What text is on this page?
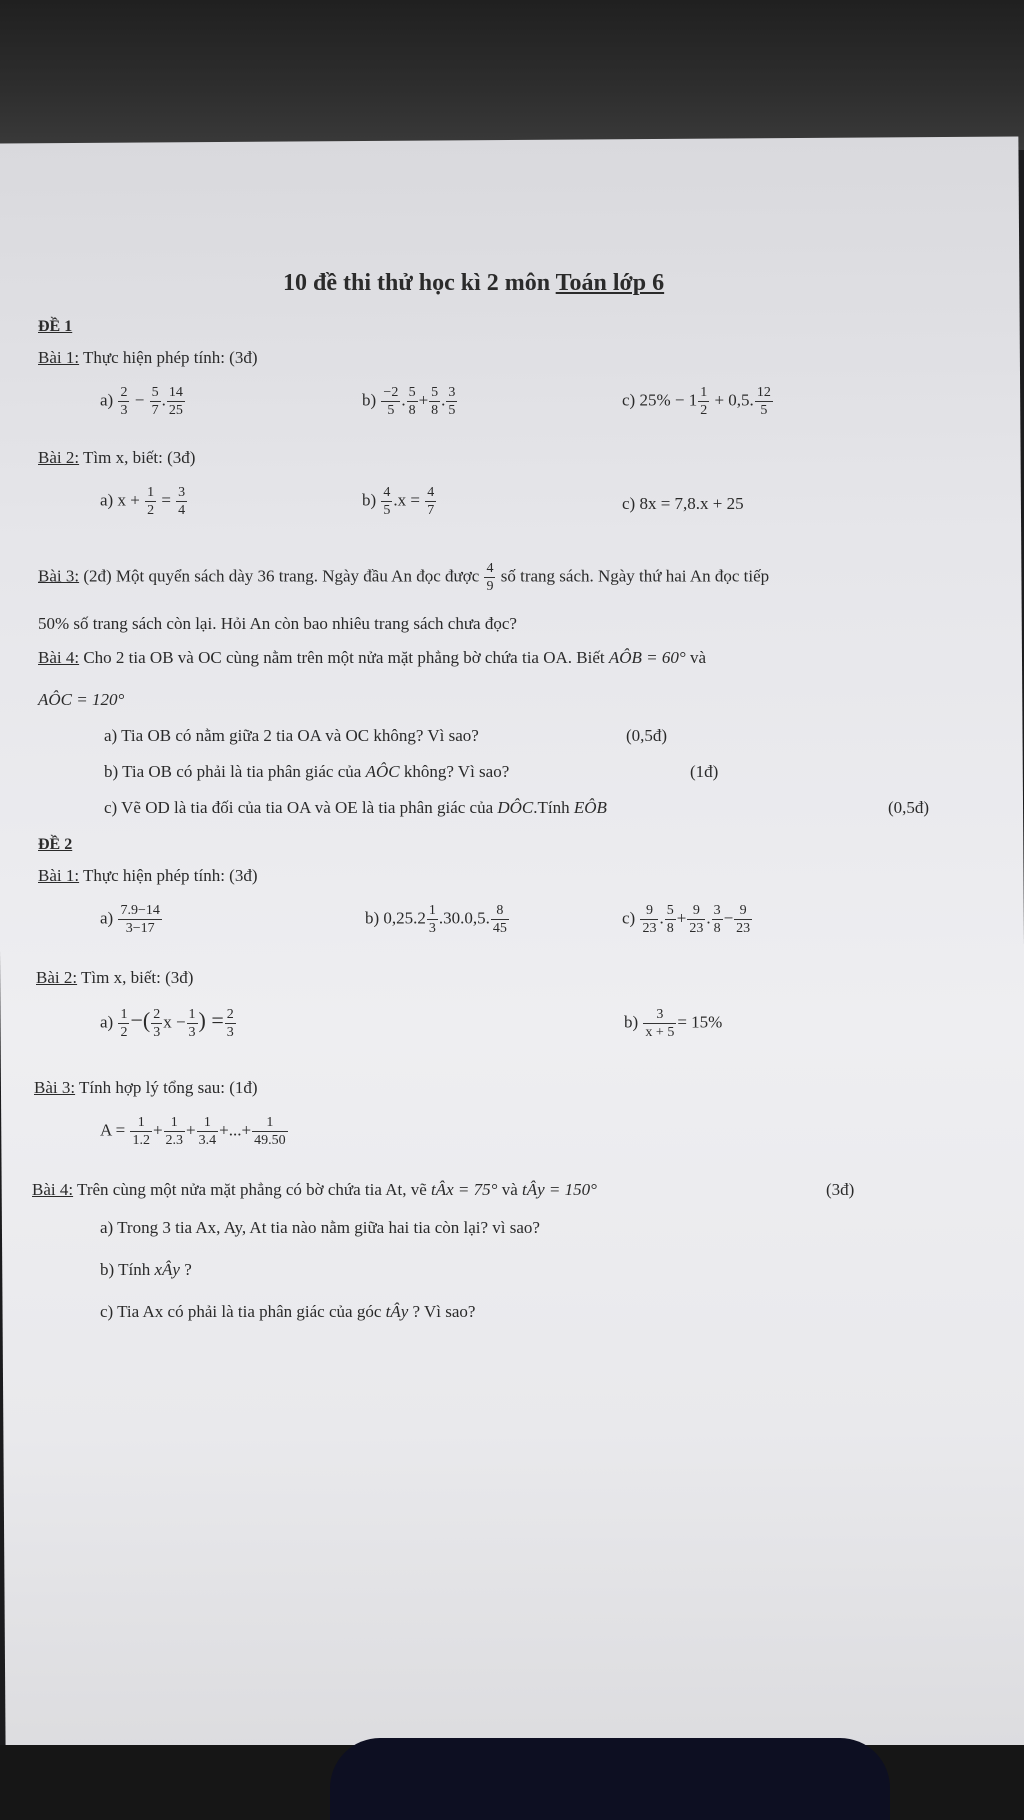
10 đề thi thử học kì 2 môn Toán lớp 6
ĐỀ 1
Bài 1: Thực hiện phép tính: (3đ)
$a) \frac{2}{3} - \frac{5}{7}$ . $\frac{14}{25}$	$b) \frac{-2}{5}$ . $\frac{5}{8} + \frac{5}{8}$ . $\frac{3}{5}$	c) $25\% - 1 \frac{1}{2} + 0,5$. $\frac{12}{5}$
Bài 2: Tìm x, biết: (3đ)
a) $x + \frac{1}{2} = \frac{3}{4}$	$b) \frac{4}{5} .x = \frac{4}{7}$	c) 8x = 7,8.x + 25
Bài 3: (2đ) Một quyển sách dày 36 trang. Ngày đầu An đọc được $\frac{4}{9}$ số trang sách. Ngày thứ hai An đọc tiếp
50% số trang sách còn lại. Hỏi An còn bao nhiêu trang sách chưa đọc?
Bài 4: Cho 2 tia OB và OC cùng nằm trên một nửa mặt phẳng bờ chứa tia OA. Biết AÔB = 60° và
AÔC = 120°
a) Tia OB có nằm giữa 2 tia OA và OC không? Vì sao?	(0,5đ)
b) Tia OB có phải là tia phân giác của AÔC không? Vì sao?	(1đ)
c) Vẽ OD là tia đối của tia OA và OE là tia phân giác của DÔC.Tính EÔB	(0,5đ)
ĐỀ 2
Bài 1: Thực hiện phép tính: (3đ)
$a) \frac{7.9-14}{3-17}$	b) $0,25.2 \frac{1}{3} .30.0,5$. $\frac{8}{45}$	$c) \frac{9}{23}$ . $\frac{5}{8} + \frac{9}{23}$ . $\frac{3}{8} - \frac{9}{23}$
Bài 2: Tìm x, biết: (3đ)
$a) \frac{1}{2}$ −( $\frac{2}{3}$ $x - \frac{1}{3}$ ) = $\frac{2}{3}$	$b) \frac{3}{x + 5} = 15\%$
Bài 3: Tính hợp lý tổng sau: (1đ)
$A = \frac{1}{1.2} + \frac{1}{2.3} + \frac{1}{3.4}$ +...+ $\frac{1}{49.50}$
Bài 4: Trên cùng một nửa mặt phẳng có bờ chứa tia At, vẽ tÂx = 75° và tÂy = 150°	(3đ)
a) Trong 3 tia Ax, Ay, At tia nào nằm giữa hai tia còn lại? vì sao?
b) Tính xÂy ?
c) Tia Ax có phải là tia phân giác của góc tÂy ? Vì sao?
